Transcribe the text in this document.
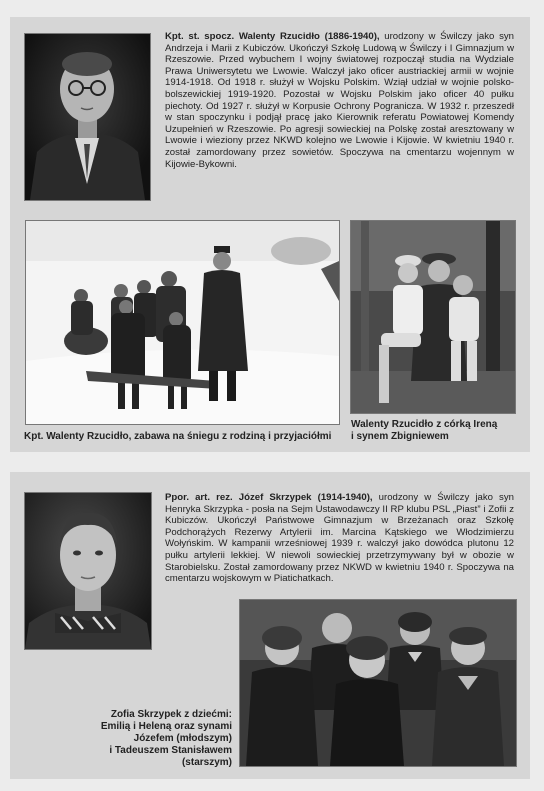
Kpt. st. spocz. Walenty Rzucidło (1886-1940), urodzony w Świlczy jako syn Andrzeja i Marii z Kubiczów. Ukończył Szkołę Ludową w Świlczy i I Gimnazjum w Rzeszowie. Przed wybuchem I wojny światowej rozpoczął studia na Wydziale Prawa Uniwersytetu we Lwowie. Walczył jako oficer austriackiej armii w wojnie 1914-1918. Od 1918 r. służył w Wojsku Polskim. Wziął udział w wojnie polsko-bolszewickiej 1919-1920. Pozostał w Wojsku Polskim jako oficer 40 pułku piechoty. Od 1927 r. służył w Korpusie Ochrony Pogranicza. W 1932 r. przeszedł w stan spoczynku i podjął pracę jako Kierownik referatu Powiatowej Komendy Uzupełnień w Rzeszowie. Po agresji sowieckiej na Polskę został aresztowany w Lwowie i wieziony przez NKWD kolejno we Lwowie i Kijowie. W kwietniu 1940 r. został zamordowany przez sowietów. Spoczywa na cmentarzu wojennym w Kijowie-Bykowni.
Kpt. Walenty Rzucidło, zabawa na śniegu z rodziną i przyjaciółmi
Walenty Rzucidło z córką Ireną
i synem Zbigniewem
Ppor. art. rez. Józef Skrzypek (1914-1940), urodzony w Świlczy jako syn Henryka Skrzypka - posła na Sejm Ustawodawczy II RP klubu PSL „Piast” i Zofii z Kubiczów. Ukończył Państwowe Gimnazjum w Brzeżanach oraz Szkołę Podchorążych Rezerwy Artylerii im. Marcina Kątskiego we Włodzimierzu Wołyńskim. W kampanii wrześniowej 1939 r. walczył jako dowódca plutonu 12 pułku artylerii lekkiej. W niewoli sowieckiej przetrzymywany był w obozie w Starobielsku. Został zamordowany przez NKWD w kwietniu 1940 r. Spoczywa na cmentarzu wojskowym w Piatichatkach.
Zofia Skrzypek z dziećmi:
Emilią i Heleną oraz synami
Józefem (młodszym)
i Tadeuszem Stanisławem
(starszym)
